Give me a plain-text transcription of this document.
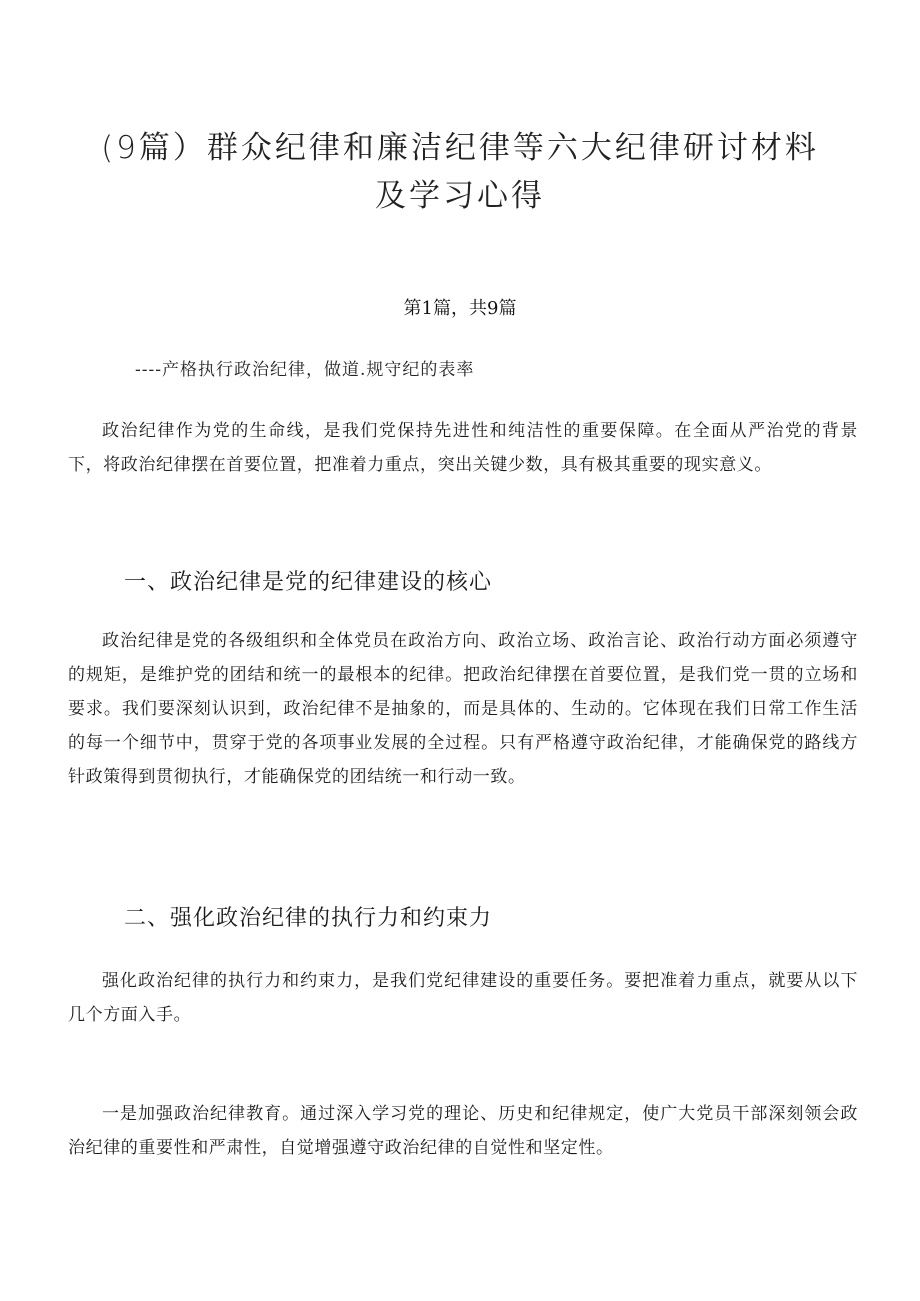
(9篇）群众纪律和廉洁纪律等六大纪律研讨材料
及学习心得
第1篇，共9篇
----产格执行政治纪律，做道.规守纪的表率

政治纪律作为党的生命线，是我们党保持先进性和纯洁性的重要保障。在全面从严治党的背景下，将政治纪律摆在首要位置，把准着力重点，突出关键少数，具有极其重要的现实意义。

一、政治纪律是党的纪律建设的核心

政治纪律是党的各级组织和全体党员在政治方向、政治立场、政治言论、政治行动方面必须遵守的规矩，是维护党的团结和统一的最根本的纪律。把政治纪律摆在首要位置，是我们党一贯的立场和要求。我们要深刻认识到，政治纪律不是抽象的，而是具体的、生动的。它体现在我们日常工作生活的每一个细节中，贯穿于党的各项事业发展的全过程。只有严格遵守政治纪律，才能确保党的路线方针政策得到贯彻执行，才能确保党的团结统一和行动一致。

二、强化政治纪律的执行力和约束力

强化政治纪律的执行力和约束力，是我们党纪律建设的重要任务。要把准着力重点，就要从以下几个方面入手。

一是加强政治纪律教育。通过深入学习党的理论、历史和纪律规定，使广大党员干部深刻领会政治纪律的重要性和严肃性，自觉增强遵守政治纪律的自觉性和坚定性。
